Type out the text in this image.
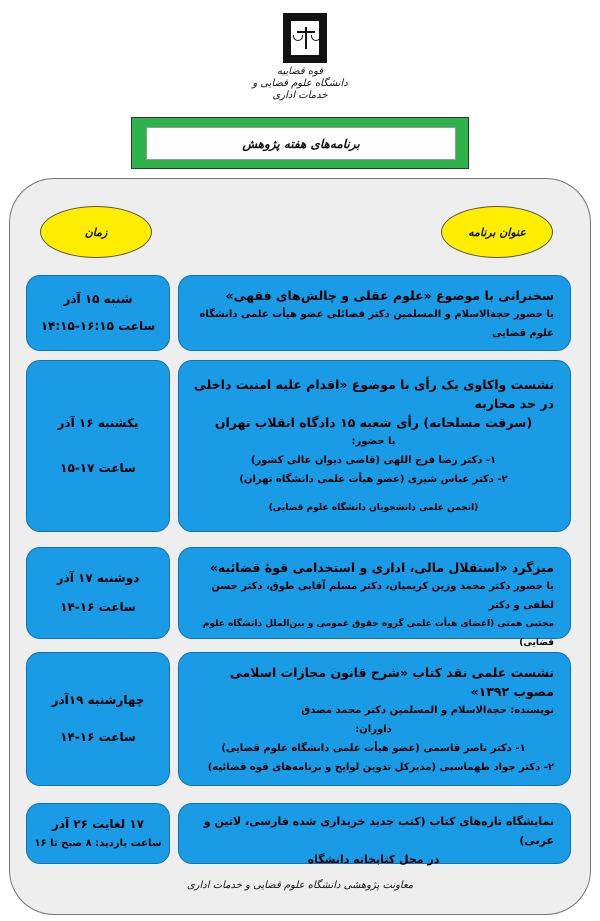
قوه قضاییه
دانشگاه علوم قضایی و خدمات اداری
برنامه‌های هفته پژوهش
زمان	عنوان برنامه
شنبه ۱۵ آذر
ساعت ۱۶:۱۵-۱۴:۱۵
سخنرانی با موضوع «علوم عقلی و چالش‌های فقهی»
با حضور حجة‌الاسلام و المسلمین دکتر فضائلی عضو هیأت علمی دانشگاه علوم قضایی
یکشنبه ۱۶ آذر
ساعت ۱۷-۱۵
نشست واکاوی یک رأی با موضوع «اقدام علیه امنیت داخلی در حد محاربه
(سرقت مسلحانه) رأی شعبه ۱۵ دادگاه انقلاب تهران
با حضور:
۱- دکتر رضا فرج اللهی (قاضی دیوان عالی کشور)
۲- دکتر عباس شیری (عضو هیأت علمی دانشگاه تهران)
(انجمن علمی دانشجویان دانشگاه علوم قضایی)
دوشنبه ۱۷ آذر
ساعت ۱۶-۱۴
میزگرد «استقلال مالی، اداری و استخدامی قوهٔ قضائیه»
با حضور دکتر محمد وزین کریمیان، دکتر مسلم آقایی طوق، دکتر حسن لطفی و دکتر
مجتبی همتی (اعضای هیأت علمی گروه حقوق عمومی و بین‌الملل دانشگاه علوم قضایی)
چهارشنبه ۱۹آذر
ساعت ۱۶-۱۴
نشست علمی نقد کتاب «شرح قانون مجازات اسلامی مصوب ۱۳۹۲»
نویسنده: حجة‌الاسلام و المسلمین دکتر محمد مصدق
داوران:
۱- دکتر ناصر قاسمی (عضو هیأت علمی دانشگاه علوم قضایی)
۲- دکتر جواد طهماسبی (مدیرکل تدوین لوایح و برنامه‌های قوه قضائیه)
۱۷ لغایت ۲۶ آذر
ساعت بازدید: ۸ صبح تا ۱۶
نمایشگاه تازه‌های کتاب (کتب جدید خریداری شده فارسی، لاتین و عربی)
در محل کتابخانه دانشگاه
معاونت پژوهشی دانشگاه علوم قضایی و خدمات اداری
